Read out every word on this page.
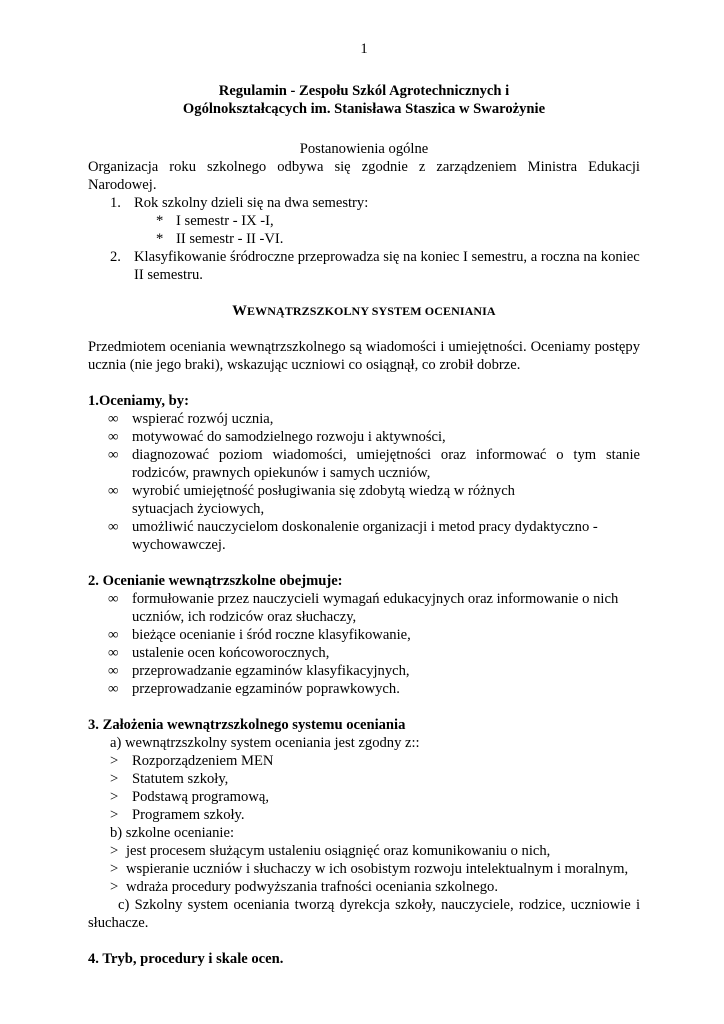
1
Regulamin - Zespołu Szkól Agrotechnicznych i
Ogólnokształcących im. Stanisława Staszica w Swarożynie
Postanowienia ogólne
Organizacja roku szkolnego odbywa się zgodnie z zarządzeniem Ministra Edukacji Narodowej.
1. Rok szkolny dzieli się na dwa semestry:
* I semestr - IX -I,
* II semestr - II -VI.
2. Klasyfikowanie śródroczne przeprowadza się na koniec I semestru, a roczna na koniec II semestru.
WEWNĄTRZSZKOLNY SYSTEM OCENIANIA
Przedmiotem oceniania wewnątrzszkolnego są wiadomości i umiejętności. Oceniamy postępy ucznia (nie jego braki), wskazując uczniowi co osiągnął, co zrobił dobrze.
1.Oceniamy, by:
∞ wspierać rozwój ucznia,
∞ motywować do samodzielnego rozwoju i aktywności,
∞ diagnozować poziom wiadomości, umiejętności oraz informować o tym stanie rodziców, prawnych opiekunów i samych uczniów,
∞ wyrobić umiejętność posługiwania się zdobytą wiedzą w różnych sytuacjach życiowych,
∞ umożliwić nauczycielom doskonalenie organizacji i metod pracy dydaktyczno - wychowawczej.
2. Ocenianie wewnątrzszkolne obejmuje:
∞ formułowanie przez nauczycieli wymagań edukacyjnych oraz informowanie o nich uczniów, ich rodziców oraz słuchaczy,
∞ bieżące ocenianie i śród roczne klasyfikowanie,
∞ ustalenie ocen końcoworocznych,
∞ przeprowadzanie egzaminów klasyfikacyjnych,
∞ przeprowadzanie egzaminów poprawkowych.
3. Założenia wewnątrzszkolnego systemu oceniania
a) wewnątrzszkolny system oceniania jest zgodny z::
> Rozporządzeniem MEN
> Statutem szkoły,
> Podstawą programową,
> Programem szkoły.
b) szkolne ocenianie:
> jest procesem służącym ustaleniu osiągnięć oraz komunikowaniu o nich,
> wspieranie uczniów i słuchaczy w ich osobistym rozwoju intelektualnym i moralnym,
> wdraża procedury podwyższania trafności oceniania szkolnego.
c) Szkolny system oceniania tworzą dyrekcja szkoły, nauczyciele, rodzice, uczniowie i słuchacze.
4. Tryb, procedury i skale ocen.
